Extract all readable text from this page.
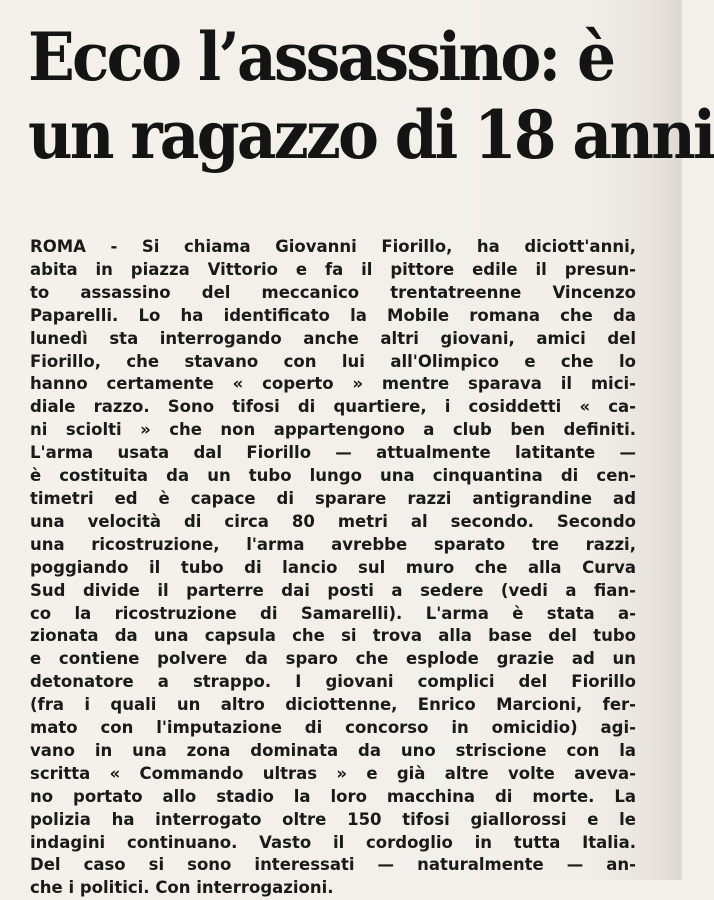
Ecco l’assassino: è
un ragazzo di 18 anni
ROMA - Si chiama Giovanni Fiorillo, ha diciott'anni,
abita in piazza Vittorio e fa il pittore edile il presun-
to assassino del meccanico trentatreenne Vincenzo
Paparelli. Lo ha identificato la Mobile romana che da
lunedì sta interrogando anche altri giovani, amici del
Fiorillo, che stavano con lui all'Olimpico e che lo
hanno certamente « coperto » mentre sparava il mici-
diale razzo. Sono tifosi di quartiere, i cosiddetti « ca-
ni sciolti » che non appartengono a club ben definiti.
L'arma usata dal Fiorillo — attualmente latitante —
è costituita da un tubo lungo una cinquantina di cen-
timetri ed è capace di sparare razzi antigrandine ad
una velocità di circa 80 metri al secondo. Secondo
una ricostruzione, l'arma avrebbe sparato tre razzi,
poggiando il tubo di lancio sul muro che alla Curva
Sud divide il parterre dai posti a sedere (vedi a fian-
co la ricostruzione di Samarelli). L'arma è stata a-
zionata da una capsula che si trova alla base del tubo
e contiene polvere da sparo che esplode grazie ad un
detonatore a strappo. I giovani complici del Fiorillo
(fra i quali un altro diciottenne, Enrico Marcioni, fer-
mato con l'imputazione di concorso in omicidio) agi-
vano in una zona dominata da uno striscione con la
scritta « Commando ultras » e già altre volte aveva-
no portato allo stadio la loro macchina di morte. La
polizia ha interrogato oltre 150 tifosi giallorossi e le
indagini continuano. Vasto il cordoglio in tutta Italia.
Del caso si sono interessati — naturalmente — an-
che i politici. Con interrogazioni.
